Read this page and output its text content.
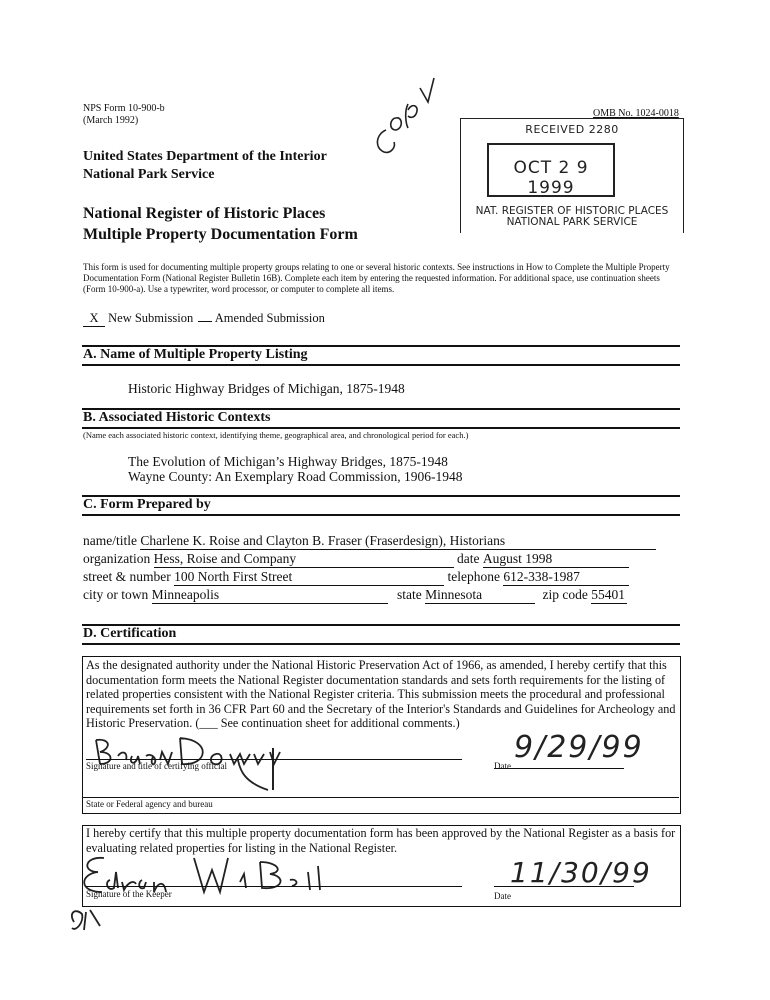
NPS Form 10-900-b
(March 1992)
OMB No. 1024-0018
United States Department of the Interior
National Park Service
National Register of Historic Places
Multiple Property Documentation Form
RECEIVED 2280
OCT 2 9 1999
NAT. REGISTER OF HISTORIC PLACES
NATIONAL PARK SERVICE
This form is used for documenting multiple property groups relating to one or several historic contexts. See instructions in How to Complete the Multiple Property Documentation Form (National Register Bulletin 16B). Complete each item by entering the requested information. For additional space, use continuation sheets (Form 10-900-a). Use a typewriter, word processor, or computer to complete all items.
X New Submission Amended Submission
A. Name of Multiple Property Listing
Historic Highway Bridges of Michigan, 1875-1948
B. Associated Historic Contexts
(Name each associated historic context, identifying theme, geographical area, and chronological period for each.)
The Evolution of Michigan’s Highway Bridges, 1875-1948
Wayne County: An Exemplary Road Commission, 1906-1948
C. Form Prepared by
name/title Charlene K. Roise and Clayton B. Fraser (Fraserdesign), Historians
organization Hess, Roise and Company	date August 1998
street & number 100 North First Street	telephone 612-338-1987
city or town Minneapolis	state Minnesota	zip code 55401
D. Certification
As the designated authority under the National Historic Preservation Act of 1966, as amended, I hereby certify that this documentation form meets the National Register documentation standards and sets forth requirements for the listing of related properties consistent with the National Register criteria. This submission meets the procedural and professional requirements set forth in 36 CFR Part 60 and the Secretary of the Interior's Standards and Guidelines for Archeology and Historic Preservation. (___ See continuation sheet for additional comments.)
Signature and title of certifying official	Date
9/29/99
State or Federal agency and bureau
I hereby certify that this multiple property documentation form has been approved by the National Register as a basis for evaluating related properties for listing in the National Register.
Signature of the Keeper	Date
11/30/99
